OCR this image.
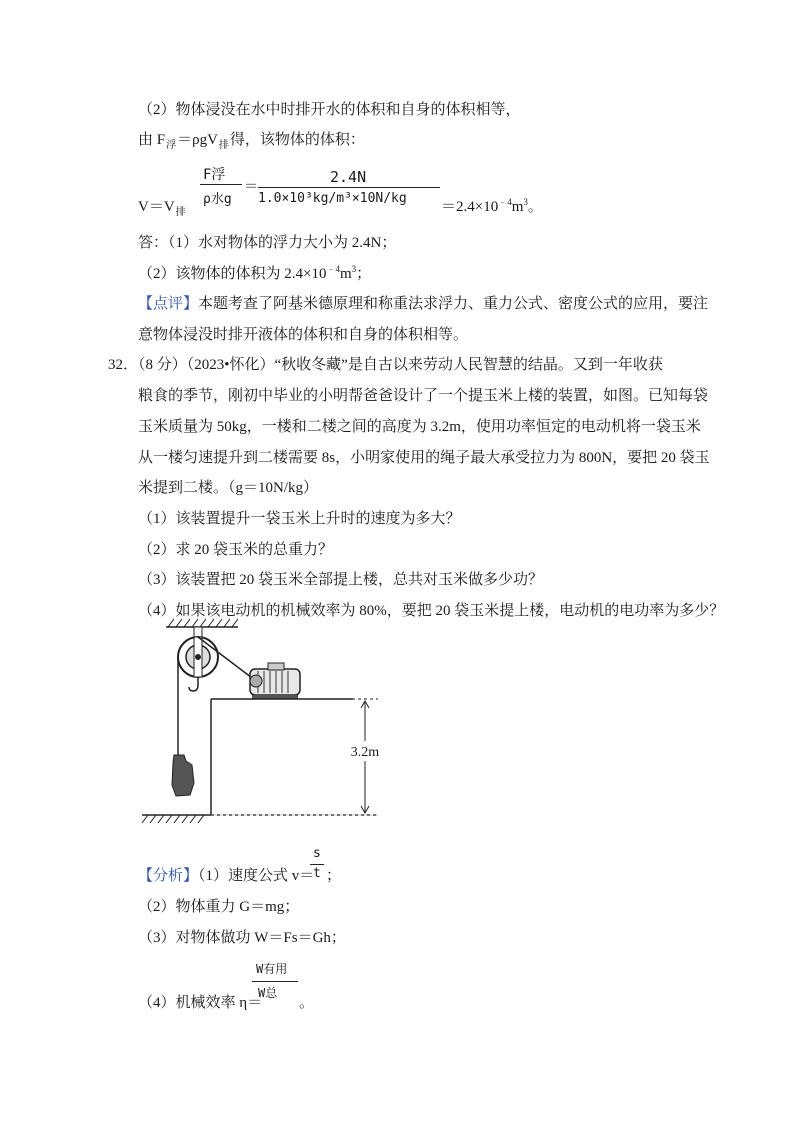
（2）物体浸没在水中时排开水的体积和自身的体积相等，
由 $F_浮=\rho gV_排$得，该物体的体积：
$V=V_排$
F浮
ρ水g
＝
2.4N
1.0×10³kg/m³×10N/kg
$=2.4\times 10^{﹣4}m^3$。
答：（1）水对物体的浮力大小为 2.4N；
（2）该物体的体积为 $2.4\times 10^{﹣4}m^3$；
【点评】本题考查了阿基米德原理和称重法求浮力、重力公式、密度公式的应用，要注
意物体浸没时排开液体的体积和自身的体积相等。
32．（8 分）（2023•怀化）“秋收冬藏”是自古以来劳动人民智慧的结晶。又到一年收获
粮食的季节，刚初中毕业的小明帮爸爸设计了一个提玉米上楼的装置，如图。已知每袋
玉米质量为 50kg，一楼和二楼之间的高度为 3.2m，使用功率恒定的电动机将一袋玉米
从一楼匀速提升到二楼需要 8s，小明家使用的绳子最大承受拉力为 800N，要把 20 袋玉
米提到二楼。（g＝10N/kg）
（1）该装置提升一袋玉米上升时的速度为多大？
（2）求 20 袋玉米的总重力？
（3）该装置把 20 袋玉米全部提上楼，总共对玉米做多少功？
（4）如果该电动机的机械效率为 80%，要把 20 袋玉米提上楼，电动机的电功率为多少？
3.2m
【分析】（1）速度公式 v＝
s
t ；
（2）物体重力 G＝mg；
（3）对物体做功 W＝Fs＝Gh；
（4）机械效率 η＝
W有用
W总
。
